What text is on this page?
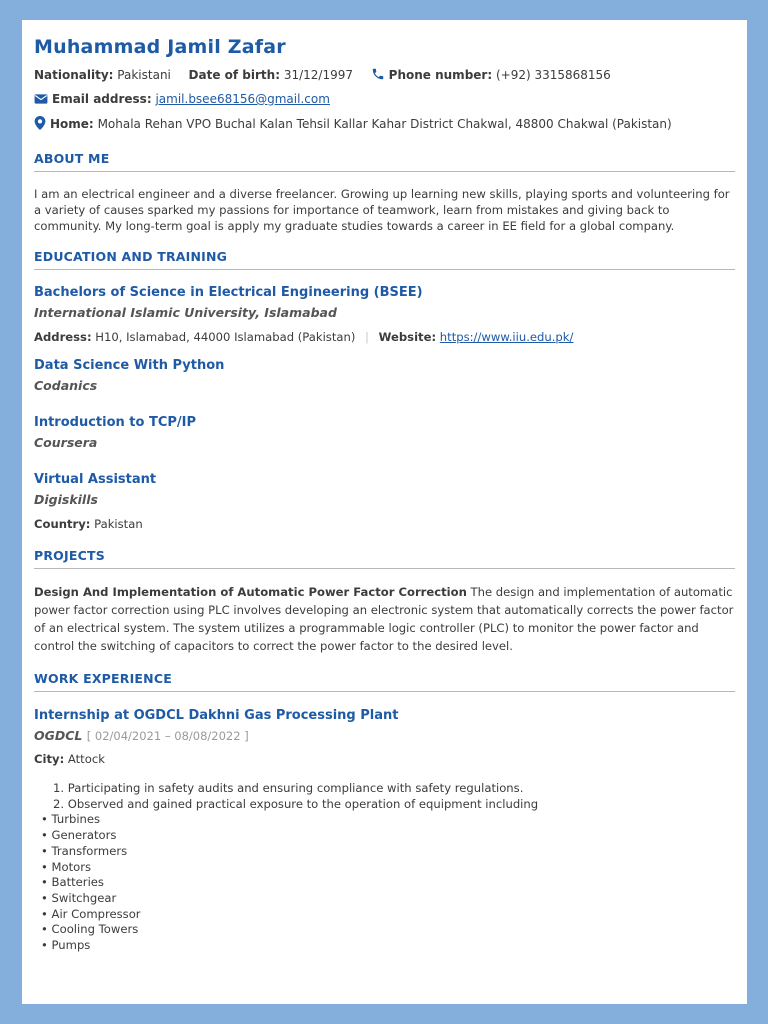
Muhammad Jamil Zafar
Nationality: Pakistani Date of birth: 31/12/1997	Phone number: (+92) 3315868156
Email address: jamil.bsee68156@gmail.com
Home: Mohala Rehan VPO Buchal Kalan Tehsil Kallar Kahar District Chakwal, 48800 Chakwal (Pakistan)
ABOUT ME
I am an electrical engineer and a diverse freelancer. Growing up learning new skills, playing sports and volunteering for a variety of causes sparked my passions for importance of teamwork, learn from mistakes and giving back to community. My long-term goal is apply my graduate studies towards a career in EE field for a global company.
EDUCATION AND TRAINING
Bachelors of Science in Electrical Engineering (BSEE)
International Islamic University, Islamabad
Address: H10, Islamabad, 44000 Islamabad (Pakistan) | Website: https://www.iiu.edu.pk/
Data Science With Python
Codanics
Introduction to TCP/IP
Coursera
Virtual Assistant
Digiskills
Country: Pakistan
PROJECTS
Design And Implementation of Automatic Power Factor Correction The design and implementation of automatic power factor correction using PLC involves developing an electronic system that automatically corrects the power factor of an electrical system. The system utilizes a programmable logic controller (PLC) to monitor the power factor and control the switching of capacitors to correct the power factor to the desired level.
WORK EXPERIENCE
Internship at OGDCL Dakhni Gas Processing Plant
OGDCL [ 02/04/2021 – 08/08/2022 ]
City: Attock
1. Participating in safety audits and ensuring compliance with safety regulations.
2. Observed and gained practical exposure to the operation of equipment including
• Turbines
• Generators
• Transformers
• Motors
• Batteries
• Switchgear
• Air Compressor
• Cooling Towers
• Pumps
